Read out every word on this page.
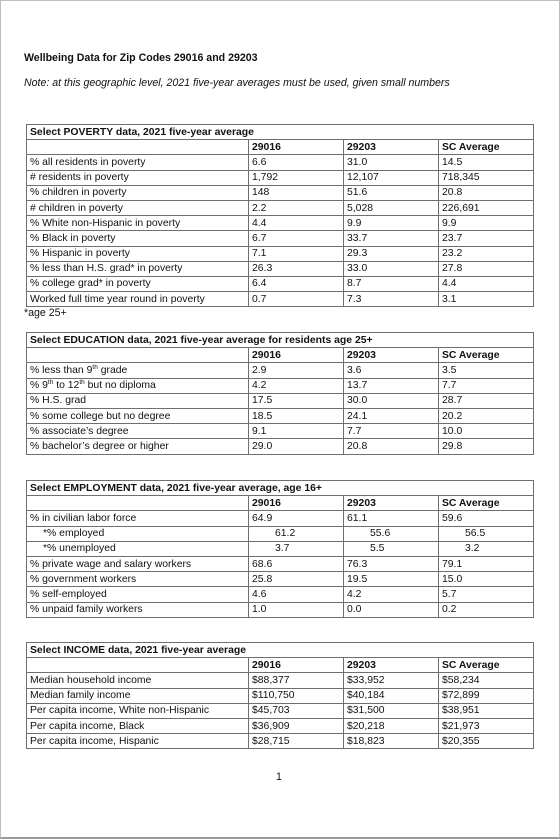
Wellbeing Data for Zip Codes 29016 and 29203
Note: at this geographic level, 2021 five-year averages must be used, given small numbers
Select POVERTY data, 2021 five-year average			
	29016	29203	SC Average
% all residents in poverty	6.6	31.0	14.5
# residents in poverty	1,792	12,107	718,345
% children in poverty	148	51.6	20.8
# children in poverty	2.2	5,028	226,691
% White non-Hispanic in poverty	4.4	9.9	9.9
% Black in poverty	6.7	33.7	23.7
% Hispanic in poverty	7.1	29.3	23.2
% less than H.S. grad* in poverty	26.3	33.0	27.8
% college grad* in poverty	6.4	8.7	4.4
Worked full time year round in poverty	0.7	7.3	3.1
*age 25+
Select EDUCATION data, 2021 five-year average for residents age 25+			
	29016	29203	SC Average
% less than 9th grade	2.9	3.6	3.5
% 9th to 12th but no diploma	4.2	13.7	7.7
% H.S. grad	17.5	30.0	28.7
% some college but no degree	18.5	24.1	20.2
% associate’s degree	9.1	7.7	10.0
% bachelor’s degree or higher	29.0	20.8	29.8
Select EMPLOYMENT data, 2021 five-year average, age 16+			
	29016	29203	SC Average
% in civilian labor force	64.9	61.1	59.6
*% employed	61.2	55.6	56.5
*% unemployed	3.7	5.5	3.2
% private wage and salary workers	68.6	76.3	79.1
% government workers	25.8	19.5	15.0
% self-employed	4.6	4.2	5.7
% unpaid family workers	1.0	0.0	0.2
Select INCOME data, 2021 five-year average			
	29016	29203	SC Average
Median household income	$88,377	$33,952	$58,234
Median family income	$110,750	$40,184	$72,899
Per capita income, White non-Hispanic	$45,703	$31,500	$38,951
Per capita income, Black	$36,909	$20,218	$21,973
Per capita income, Hispanic	$28,715	$18,823	$20,355
1
